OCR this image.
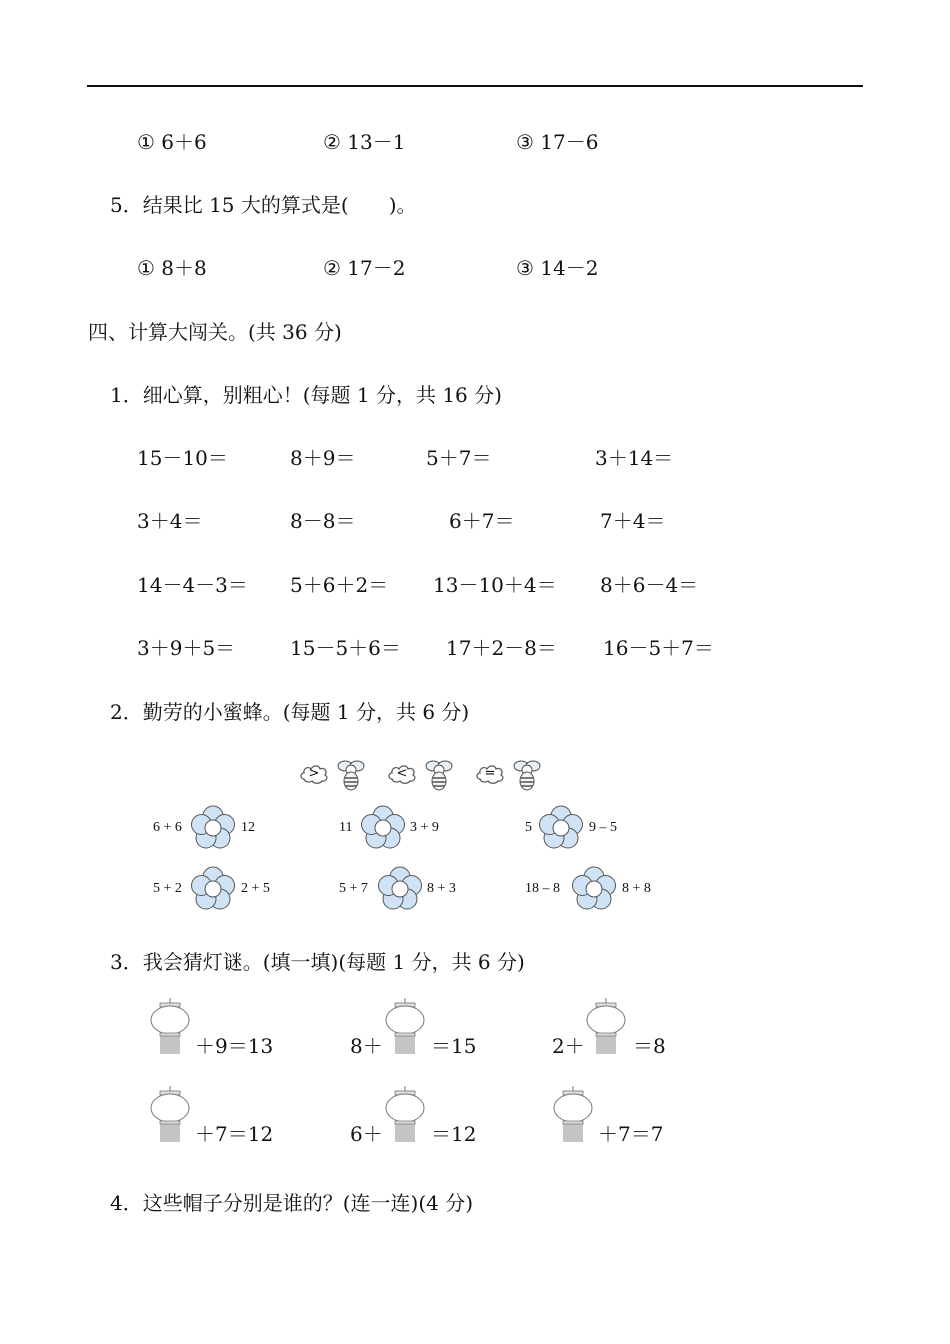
① 6＋6	② 13－1	③ 17－6
5．结果比 15 大的算式是(　　)。
① 8＋8	② 17－2	③ 14－2
四、计算大闯关。(共 36 分)
1．细心算，别粗心！(每题 1 分，共 16 分)
15－10＝	8＋9＝	5＋7＝	3＋14＝
3＋4＝	8－8＝	6＋7＝	7＋4＝
14－4－3＝ 5＋6＋2＝ 13－10＋4＝ 8＋6－4＝
3＋9＋5＝	15－5＋6＝ 17＋2－8＝ 16－5＋7＝
2．勤劳的小蜜蜂。(每题 1 分，共 6 分)
>	<	=
6 + 6	12	11	3 + 9	5	9 – 5
5 + 2	2 + 5	5 + 7	8 + 3	18 – 8	8 + 8
3．我会猜灯谜。(填一填)(每题 1 分，共 6 分)
＋9＝13	8＋ ＝15	2＋ ＝8
＋7＝12	6＋ ＝12	＋7＝7
4．这些帽子分别是谁的？(连一连)(4 分)
